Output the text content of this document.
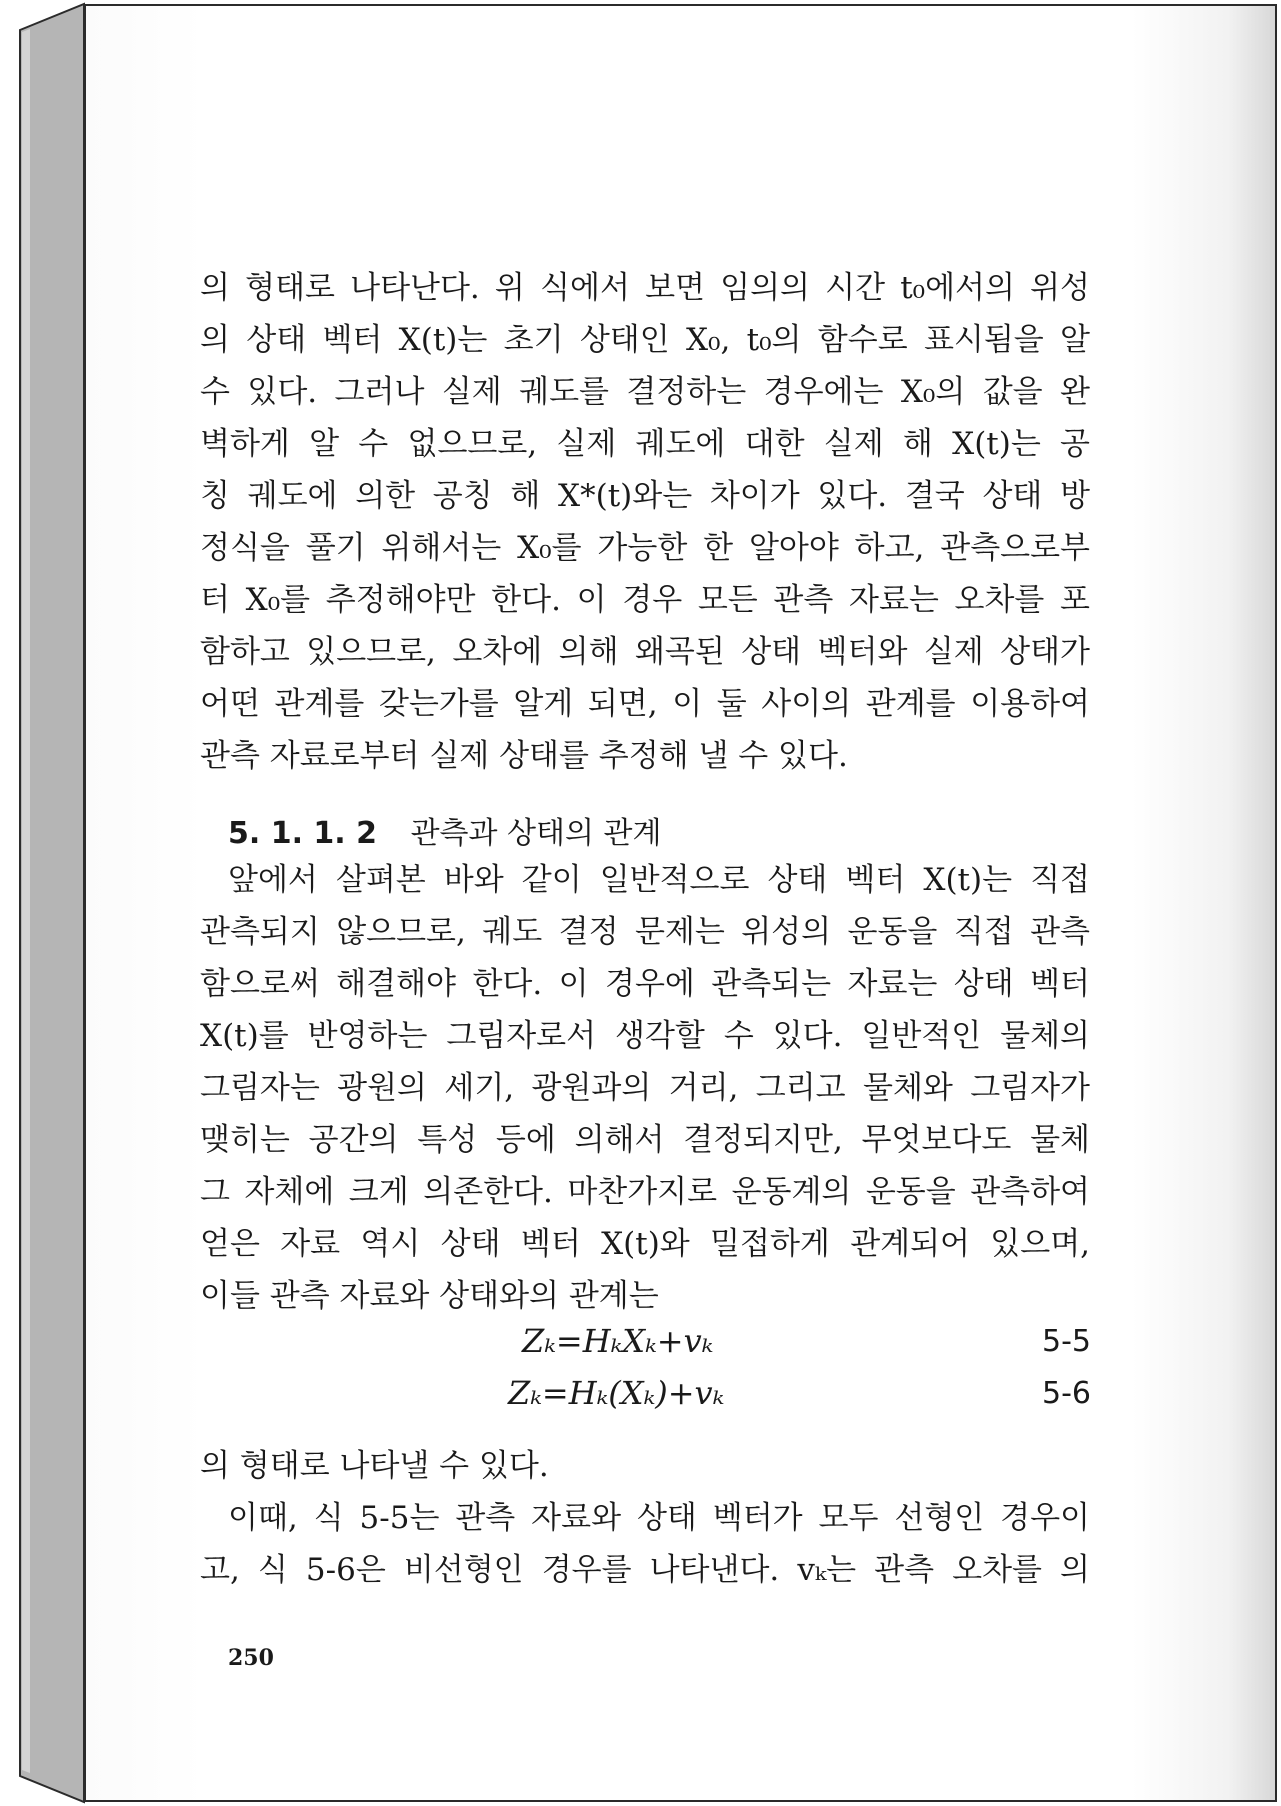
의 형태로 나타난다. 위 식에서 보면 임의의 시간 t₀에서의 위성
의 상태 벡터 X(t)는 초기 상태인 X₀, t₀의 함수로 표시됨을 알
수 있다. 그러나 실제 궤도를 결정하는 경우에는 X₀의 값을 완
벽하게 알 수 없으므로, 실제 궤도에 대한 실제 해 X(t)는 공
칭 궤도에 의한 공칭 해 X*(t)와는 차이가 있다. 결국 상태 방
정식을 풀기 위해서는 X₀를 가능한 한 알아야 하고, 관측으로부
터 X₀를 추정해야만 한다. 이 경우 모든 관측 자료는 오차를 포
함하고 있으므로, 오차에 의해 왜곡된 상태 벡터와 실제 상태가
어떤 관계를 갖는가를 알게 되면, 이 둘 사이의 관계를 이용하여
관측 자료로부터 실제 상태를 추정해 낼 수 있다.
5. 1. 1. 2 관측과 상태의 관계
앞에서 살펴본 바와 같이 일반적으로 상태 벡터 X(t)는 직접
관측되지 않으므로, 궤도 결정 문제는 위성의 운동을 직접 관측
함으로써 해결해야 한다. 이 경우에 관측되는 자료는 상태 벡터
X(t)를 반영하는 그림자로서 생각할 수 있다. 일반적인 물체의
그림자는 광원의 세기, 광원과의 거리, 그리고 물체와 그림자가
맺히는 공간의 특성 등에 의해서 결정되지만, 무엇보다도 물체
그 자체에 크게 의존한다. 마찬가지로 운동계의 운동을 관측하여
얻은 자료 역시 상태 벡터 X(t)와 밀접하게 관계되어 있으며,
이들 관측 자료와 상태와의 관계는
Zₖ=HₖXₖ+vₖ	5-5
Zₖ=Hₖ(Xₖ)+vₖ	5-6
의 형태로 나타낼 수 있다.
이때, 식 5-5는 관측 자료와 상태 벡터가 모두 선형인 경우이
고, 식 5-6은 비선형인 경우를 나타낸다. vₖ는 관측 오차를 의
250
